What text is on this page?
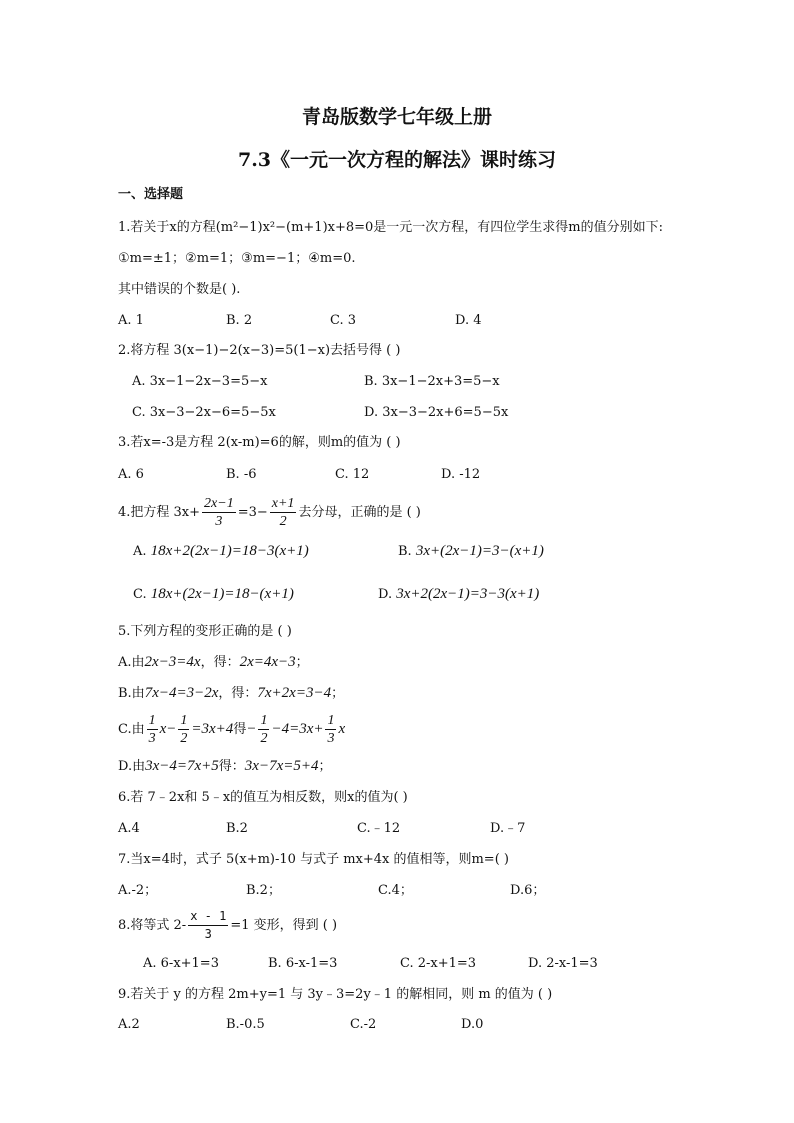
青岛版数学七年级上册
7.3《一元一次方程的解法》课时练习
一、选择题
1.若关于x的方程(m²−1)x²−(m+1)x+8=0是一元一次方程，有四位学生求得m的值分别如下:
①m=±1；②m=1；③m=−1；④m=0.
其中错误的个数是( ).
A. 1	B. 2	C. 3	D. 4
2.将方程 3(x−1)−2(x−3)=5(1−x)去括号得 ( )
A. 3x−1−2x−3=5−x	B. 3x−1−2x+3=5−x
C. 3x−3−2x−6=5−5x	D. 3x−3−2x+6=5−5x
3.若x=-3是方程 2(x-m)=6的解，则m的值为 ( )
A. 6	B. -6	C. 12	D. -12
4.把方程 $3x+ \frac{2x-1}{3} =3- \frac{x+1}{2}$ 去分母，正确的是 ( )
A. 18x+2(2x−1)=18−3(x+1)	B. 3x+(2x−1)=3−(x+1)
C. 18x+(2x−1)=18−(x+1)	D. 3x+2(2x−1)=3−3(x+1)
5.下列方程的变形正确的是 ( )
A.由2x−3=4x，得：2x=4x−3；
B.由7x−4=3−2x，得：7x+2x=3−4；
C.由 $\frac{1}{3} x- \frac{1}{2} =3x+4$得− $\frac{1}{2} -4=3x+ \frac{1}{3}$ x
D.由3x−4=7x+5得：3x−7x=5+4；
6.若 7﹣2x和 5﹣x的值互为相反数，则x的值为( )
A.4	B.2	C.﹣12	D.﹣7
7.当x=4时，式子 5(x+m)-10 与式子 mx+4x 的值相等，则m=( )
A.-2；	B.2；	C.4；	D.6；
8.将等式 $2- \frac{x - 1}{3} =1$ 变形，得到 ( )
A. 6-x+1=3	B. 6-x-1=3	C. 2-x+1=3	D. 2-x-1=3
9.若关于 y 的方程 2m+y=1 与 3y﹣3=2y﹣1 的解相同，则 m 的值为 ( )
A.2	B.-0.5	C.-2	D.0
